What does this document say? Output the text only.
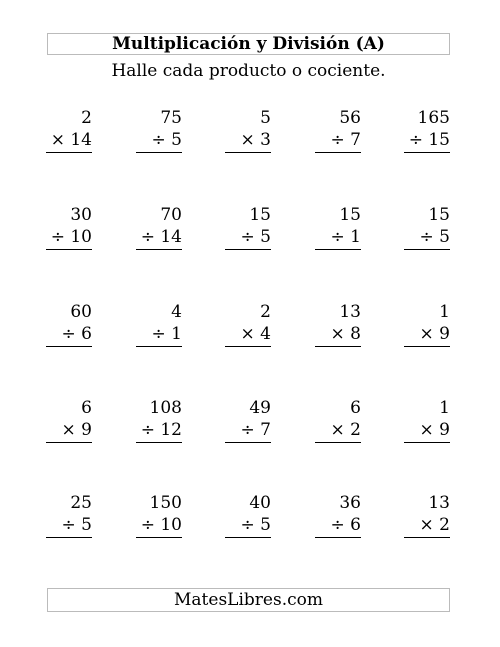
Multiplicación y División (A)
Halle cada producto o cociente.
2
× 14
75
÷ 5
5
× 3
56
÷ 7
165
÷ 15
30
÷ 10
70
÷ 14
15
÷ 5
15
÷ 1
15
÷ 5
60
÷ 6
4
÷ 1
2
× 4
13
× 8
1
× 9
6
× 9
108
÷ 12
49
÷ 7
6
× 2
1
× 9
25
÷ 5
150
÷ 10
40
÷ 5
36
÷ 6
13
× 2
MatesLibres.com
